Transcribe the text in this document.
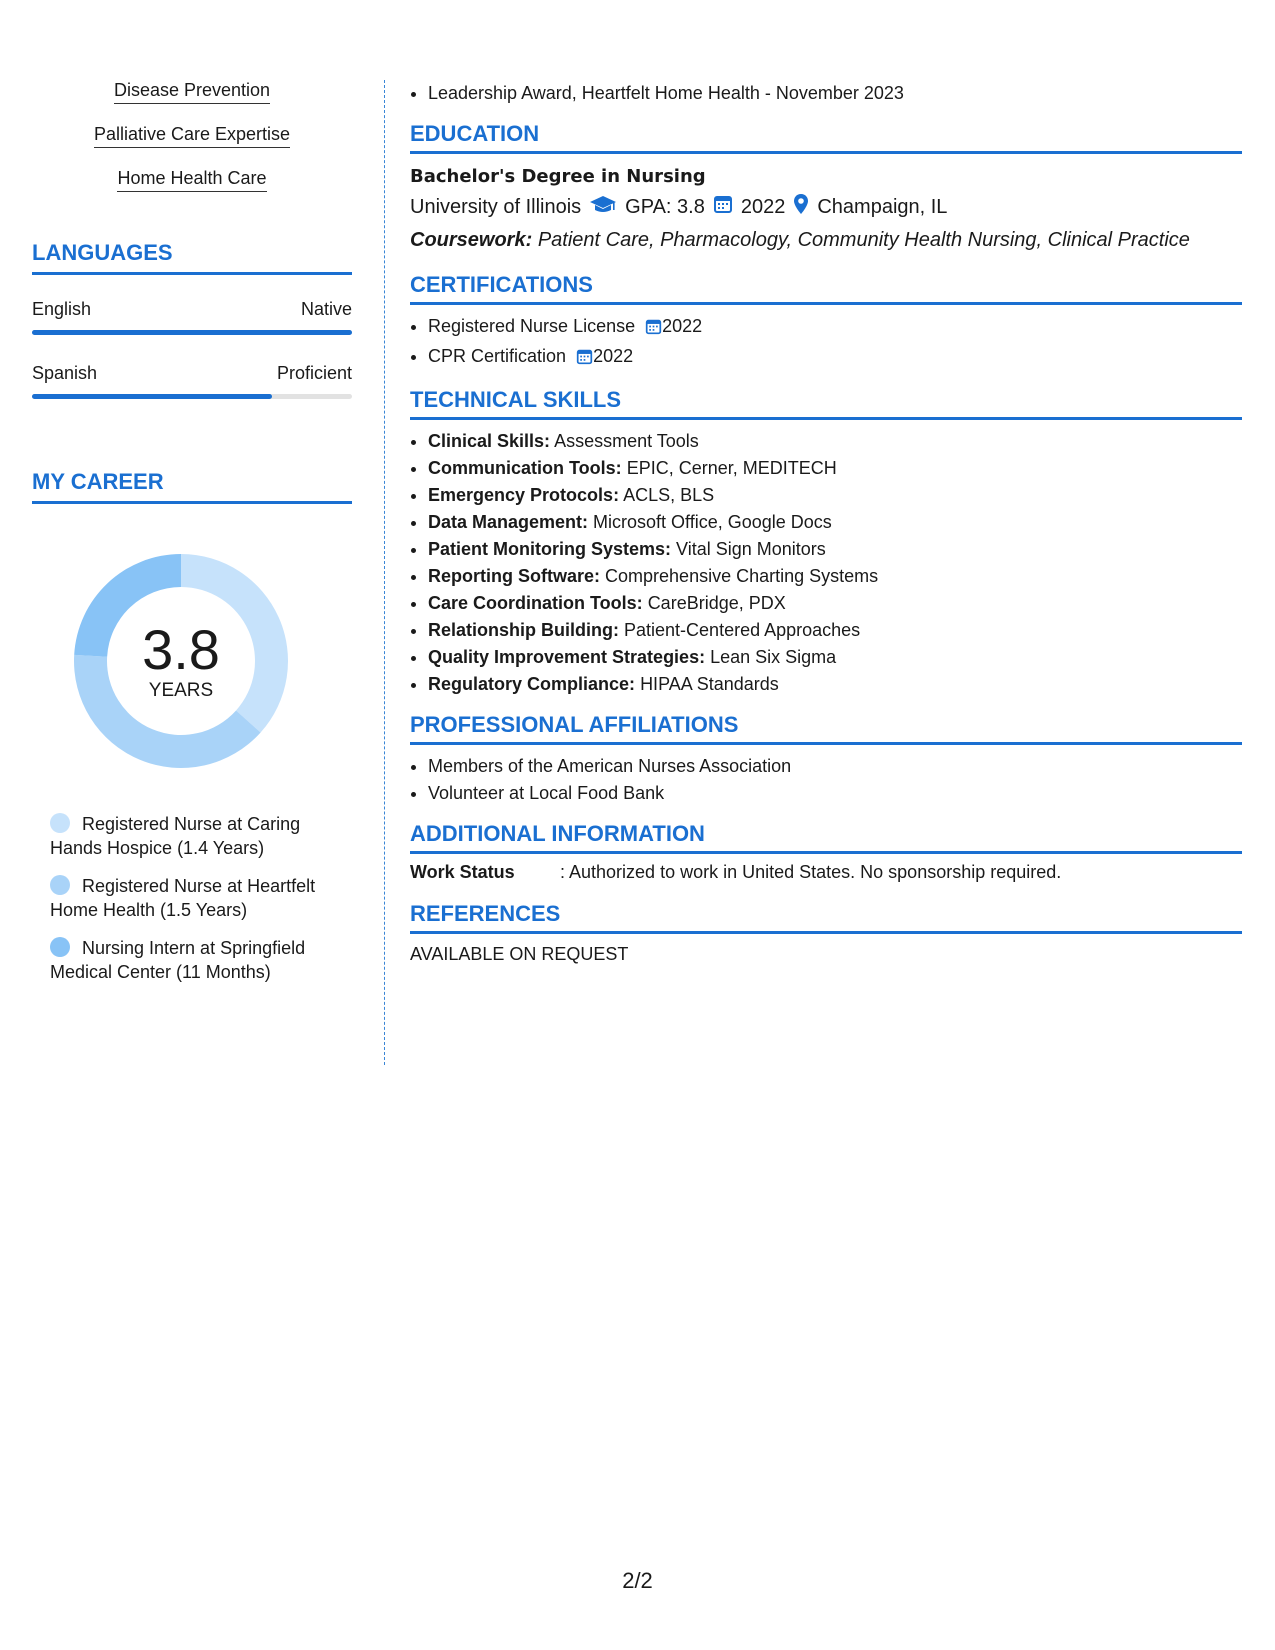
Disease Prevention
Palliative Care Expertise
Home Health Care
LANGUAGES
English	Native
Spanish	Proficient
MY CAREER
3.8
YEARS
Registered Nurse at Caring Hands Hospice (1.4 Years)
Registered Nurse at Heartfelt Home Health (1.5 Years)
Nursing Intern at Springfield Medical Center (11 Months)
• Leadership Award, Heartfelt Home Health - November 2023
EDUCATION
Bachelor's Degree in Nursing
University of Illinois GPA: 3.8 2022 Champaign, IL
Coursework: Patient Care, Pharmacology, Community Health Nursing, Clinical Practice
CERTIFICATIONS
• Registered Nurse License 2022
• CPR Certification 2022
TECHNICAL SKILLS
• Clinical Skills: Assessment Tools
• Communication Tools: EPIC, Cerner, MEDITECH
• Emergency Protocols: ACLS, BLS
• Data Management: Microsoft Office, Google Docs
• Patient Monitoring Systems: Vital Sign Monitors
• Reporting Software: Comprehensive Charting Systems
• Care Coordination Tools: CareBridge, PDX
• Relationship Building: Patient-Centered Approaches
• Quality Improvement Strategies: Lean Six Sigma
• Regulatory Compliance: HIPAA Standards
PROFESSIONAL AFFILIATIONS
• Members of the American Nurses Association
• Volunteer at Local Food Bank
ADDITIONAL INFORMATION
Work Status	: Authorized to work in United States. No sponsorship required.
REFERENCES
AVAILABLE ON REQUEST
2/2
